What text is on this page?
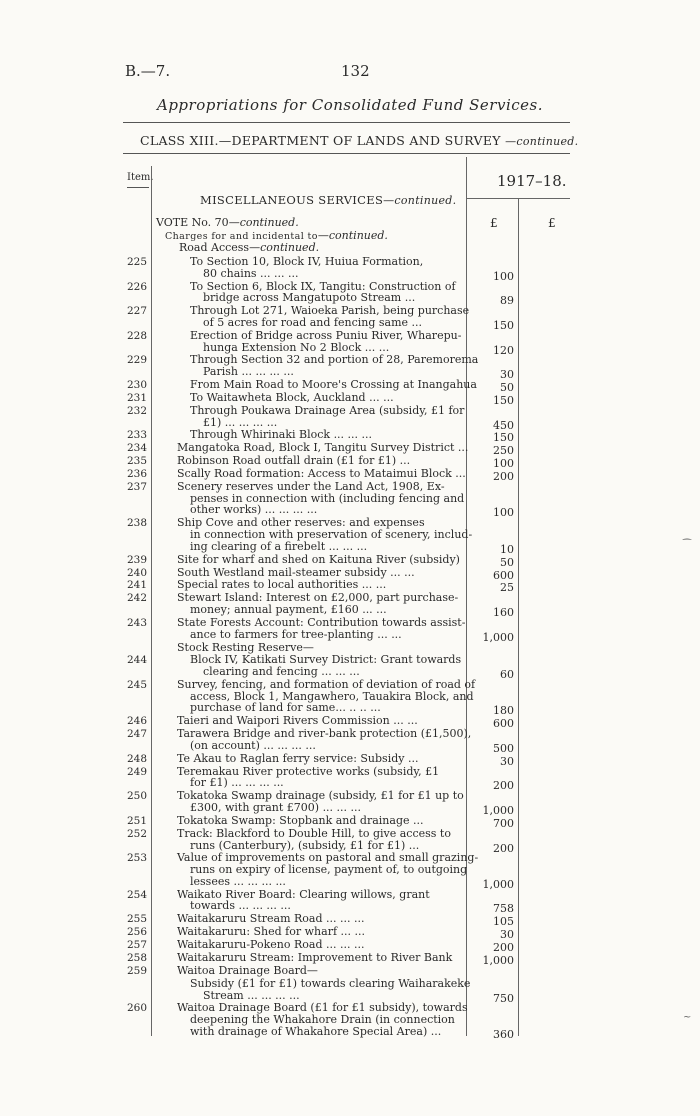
B.—7.	132
Appropriations for Consolidated Fund Services.
CLASS XIII.—DEPARTMENT OF LANDS AND SURVEY —continued.
Item.	1917–18.
MISCELLANEOUS SERVICES—continued.
£	£
VOTE No. 70—continued.
Charges for and incidental to—continued.
Road Access—continued.
225	To Section 10, Block IV, Huiua Formation,
80 chains ... ... ...	100
226	To Section 6, Block IX, Tangitu: Construction of
bridge across Mangatupoto Stream ...	89
227	Through Lot 271, Waioeka Parish, being purchase
of 5 acres for road and fencing same ...	150
228	Erection of Bridge across Puniu River, Wharepu-
hunga Extension No 2 Block ... ...	120
229	Through Section 32 and portion of 28, Paremorema
Parish ... ... ... ...	30
230	From Main Road to Moore's Crossing at Inangahua	50
231	To Waitawheta Block, Auckland ... ...	150
232	Through Poukawa Drainage Area (subsidy, £1 for
£1) ... ... ... ...	450
233	Through Whirinaki Block ... ... ...	150
234	Mangatoka Road, Block I, Tangitu Survey District ...	250
235	Robinson Road outfall drain (£1 for £1) ...	100
236	Scally Road formation: Access to Mataimui Block ...	200
237	Scenery reserves under the Land Act, 1908, Ex-
penses in connection with (including fencing and
other works) ... ... ... ...	100
238	Ship Cove and other reserves: and expenses
in connection with preservation of scenery, includ-
ing clearing of a firebelt ... ... ...	10
239	Site for wharf and shed on Kaituna River (subsidy)	50
240	South Westland mail-steamer subsidy ... ...	600
241	Special rates to local authorities ... ...	25
242	Stewart Island: Interest on £2,000, part purchase-
money; annual payment, £160 ... ...	160
243	State Forests Account: Contribution towards assist-
ance to farmers for tree-planting ... ...	1,000
Stock Resting Reserve—
244	Block IV, Katikati Survey District: Grant towards
clearing and fencing ... ... ...	60
245	Survey, fencing, and formation of deviation of road of
access, Block 1, Mangawhero, Tauakira Block, and
purchase of land for same... .. .. ...	180
246	Taieri and Waipori Rivers Commission ... ...	600
247	Tarawera Bridge and river-bank protection (£1,500),
(on account) ... ... ... ...	500
248	Te Akau to Raglan ferry service: Subsidy ...	30
249	Teremakau River protective works (subsidy, £1
for £1) ... ... ... ...	200
250	Tokatoka Swamp drainage (subsidy, £1 for £1 up to
£300, with grant £700) ... ... ...	1,000
251	Tokatoka Swamp: Stopbank and drainage ...	700
252	Track: Blackford to Double Hill, to give access to
runs (Canterbury), (subsidy, £1 for £1) ...	200
253	Value of improvements on pastoral and small grazing-
runs on expiry of license, payment of, to outgoing
lessees ... ... ... ...	1,000
254	Waikato River Board: Clearing willows, grant
towards ... ... ... ...	758
255	Waitakaruru Stream Road ... ... ...	105
256	Waitakaruru: Shed for wharf ... ...	30
257	Waitakaruru-Pokeno Road ... ... ...	200
258	Waitakaruru Stream: Improvement to River Bank	1,000
259	Waitoa Drainage Board—
Subsidy (£1 for £1) towards clearing Waiharakeke
Stream ... ... ... ...	750
260	Waitoa Drainage Board (£1 for £1 subsidy), towards
deepening the Whakahore Drain (in connection
with drainage of Whakahore Special Area) ...	360
'
⁀
~
